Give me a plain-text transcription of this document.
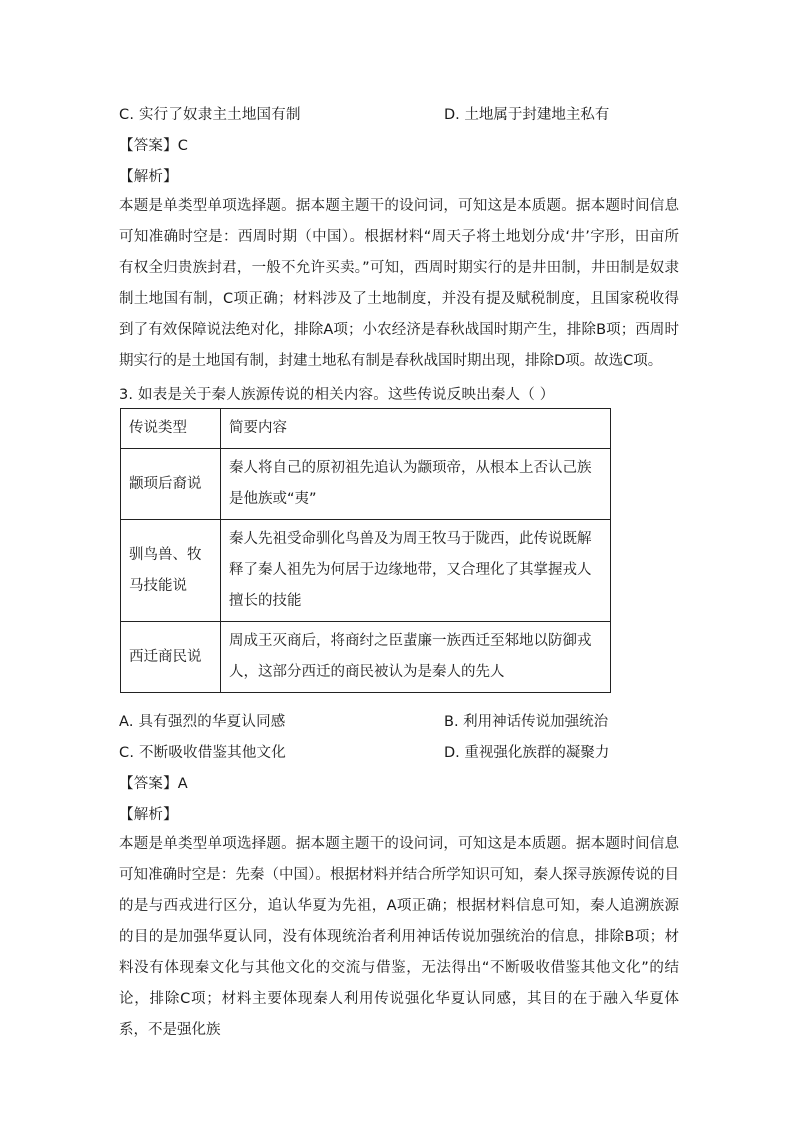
C. 实行了奴隶主土地国有制	D. 土地属于封建地主私有
【答案】C
【解析】

本题是单类型单项选择题。据本题主题干的设问词，可知这是本质题。据本题时间信息可知准确时空是：西周时期（中国）。根据材料“周天子将土地划分成‘井’字形，田亩所有权全归贵族封君，一般不允许买卖。”可知，西周时期实行的是井田制，井田制是奴隶制土地国有制，C项正确；材料涉及了土地制度，并没有提及赋税制度，且国家税收得到了有效保障说法绝对化，排除A项；小农经济是春秋战国时期产生，排除B项；西周时期实行的是土地国有制，封建土地私有制是春秋战国时期出现，排除D项。故选C项。

3. 如表是关于秦人族源传说的相关内容。这些传说反映出秦人（ ）
传说类型	简要内容
颛顼后裔说	秦人将自己的原初祖先追认为颛顼帝，从根本上否认己族是他族或“夷”
驯鸟兽、牧马技能说	秦人先祖受命驯化鸟兽及为周王牧马于陇西，此传说既解释了秦人祖先为何居于边缘地带，又合理化了其掌握戎人擅长的技能
西迁商民说	周成王灭商后，将商纣之臣蜚廉一族西迁至邾地以防御戎人，这部分西迁的商民被认为是秦人的先人
A. 具有强烈的华夏认同感	B. 利用神话传说加强统治
C. 不断吸收借鉴其他文化	D. 重视强化族群的凝聚力
【答案】A
【解析】

本题是单类型单项选择题。据本题主题干的设问词，可知这是本质题。据本题时间信息可知准确时空是：先秦（中国）。根据材料并结合所学知识可知，秦人探寻族源传说的目的是与西戎进行区分，追认华夏为先祖，A项正确；根据材料信息可知，秦人追溯族源的目的是加强华夏认同，没有体现统治者利用神话传说加强统治的信息，排除B项；材料没有体现秦文化与其他文化的交流与借鉴，无法得出“不断吸收借鉴其他文化”的结论，排除C项；材料主要体现秦人利用传说强化华夏认同感，其目的在于融入华夏体系，不是强化族
